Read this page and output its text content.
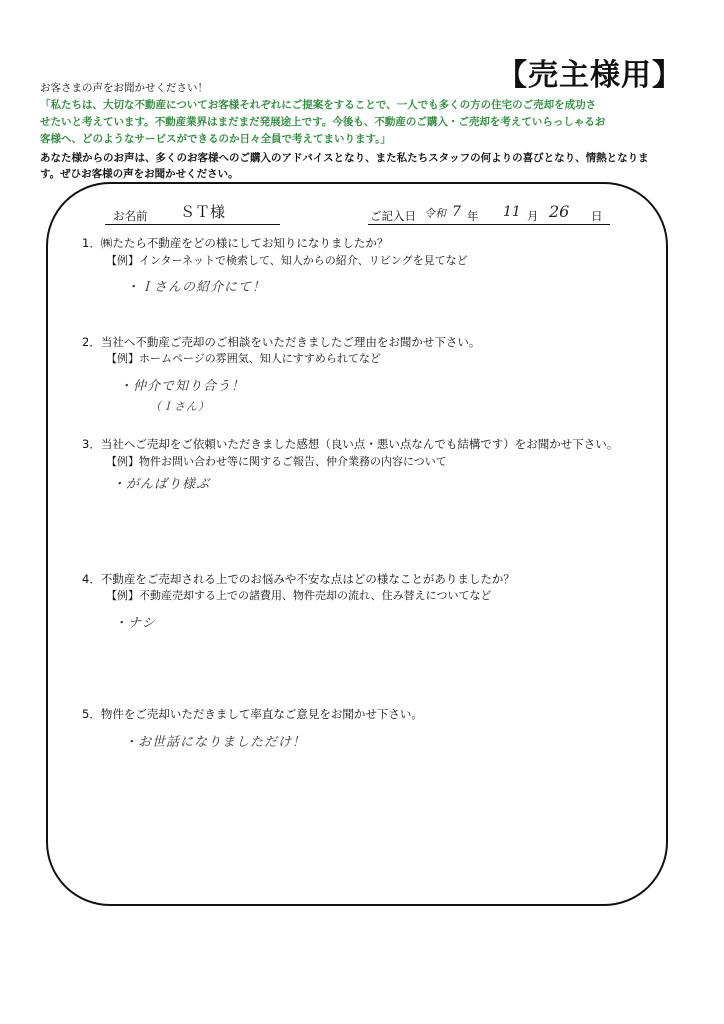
【売主様用】
お客さまの声をお聞かせください！
「私たちは、大切な不動産についてお客様それぞれにご提案をすることで、一人でも多くの方の住宅のご売却を成功さ
せたいと考えています。不動産業界はまだまだ発展途上です。今後も、不動産のご購入・ご売却を考えていらっしゃるお
客様へ、どのようなサービスができるのか日々全員で考えてまいります。」
あなた様からのお声は、多くのお客様へのご購入のアドバイスとなり、また私たちスタッフの何よりの喜びとなり、情熱となりま
す。ぜひお客様の声をお聞かせください。
お名前 ＳＴ様	ご記入日 令和 7 年 11 月 26 日
1．㈱たたら不動産をどの様にしてお知りになりましたか？
【例】インターネットで検索して、知人からの紹介、リビングを見てなど
・Ｉさんの紹介にて！
2．当社へ不動産ご売却のご相談をいただきましたご理由をお聞かせ下さい。
【例】ホームページの雰囲気、知人にすすめられてなど
・仲介で知り合う！
（Ｉさん）
3．当社へご売却をご依頼いただきました感想（良い点・悪い点なんでも結構です）をお聞かせ下さい。
【例】物件お問い合わせ等に関するご報告、仲介業務の内容について
・がんばり様ぶ
4．不動産をご売却される上でのお悩みや不安な点はどの様なことがありましたか？
【例】不動産売却する上での諸費用、物件売却の流れ、住み替えについてなど
・ナシ
5．物件をご売却いただきまして率直なご意見をお聞かせ下さい。
・お世話になりましただけ！
